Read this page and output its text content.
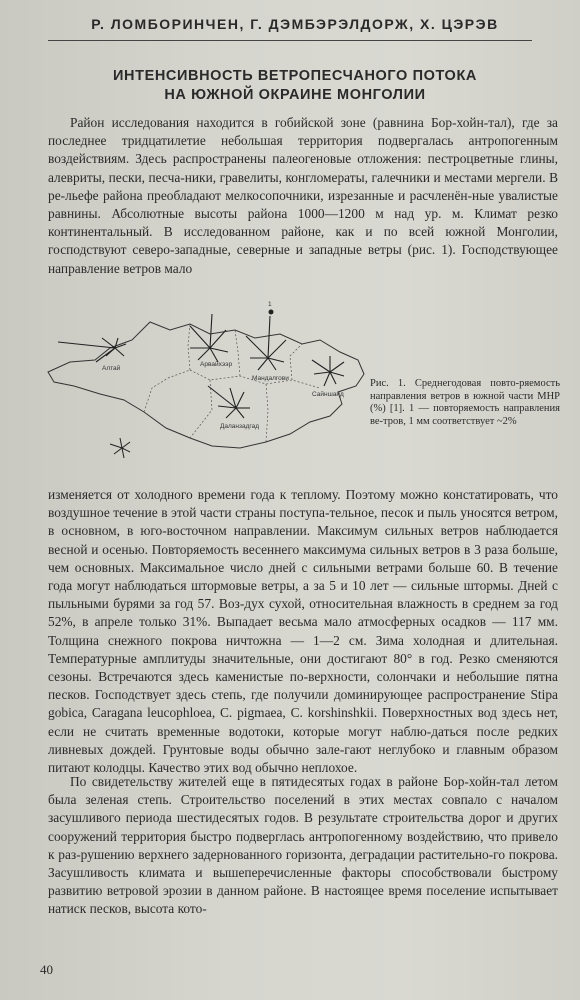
Р. ЛОМБОРИНЧЕН, Г. ДЭМБЭРЭЛДОРЖ, Х. ЦЭРЭВ
ИНТЕНСИВНОСТЬ ВЕТРОПЕСЧАНОГО ПОТОКА
НА ЮЖНОЙ ОКРАИНЕ МОНГОЛИИ

Район исследования находится в гобийской зоне (равнина Бор-хойн-тал), где за последнее тридцатилетие небольшая территория подвергалась антропогенным воздействиям. Здесь распространены палеогеновые отложения: пестроцветные глины, алевриты, пески, песча-ники, гравелиты, конгломераты, галечники и местами мергели. В ре-льефе района преобладают мелкосопочники, изрезанные и расчленён-ные увалистые равнины. Абсолютные высоты района 1000—1200 м над ур. м. Климат резко континентальный. В исследованном районе, как и по всей южной Монголии, господствуют северо-западные, северные и западные ветры (рис. 1). Господствующее направление ветров мало

1
Алтай
Арвайхээр
Мандалгови
Сайншанд
Даланзадгад
Рис. 1. Среднегодовая повто-ряемость направления ветров в южной части МНР (%) [1]. 1 — повторяемость направления ве-тров, 1 мм соответствует ~2%

изменяется от холодного времени года к теплому. Поэтому можно констатировать, что воздушное течение в этой части страны поступа-тельное, песок и пыль уносятся ветром, в основном, в юго-восточном направлении. Максимум сильных ветров наблюдается весной и осенью. Повторяемость весеннего максимума сильных ветров в 3 раза больше, чем основных. Максимальное число дней с сильными ветрами больше 60. В течение года могут наблюдаться штормовые ветры, а за 5 и 10 лет — сильные штормы. Дней с пыльными бурями за год 57. Воз-дух сухой, относительная влажность в среднем за год 52%, в апреле только 31%. Выпадает весьма мало атмосферных осадков — 117 мм. Толщина снежного покрова ничтожна — 1—2 см. Зима холодная и длительная. Температурные амплитуды значительные, они достигают 80° в год. Резко сменяются сезоны. Встречаются здесь каменистые по-верхности, солончаки и небольшие пятна песков. Господствует здесь степь, где получили доминирующее распространение Stipa gobica, Caragana leucophloea, C. pigmaea, C. korshinshkii. Поверхностных вод здесь нет, если не считать временные водотоки, которые могут наблю-даться после редких ливневых дождей. Грунтовые воды обычно зале-гают неглубоко и главным образом питают колодцы. Качество этих вод обычно неплохое.

По свидетельству жителей еще в пятидесятых годах в районе Бор-хойн-тал летом была зеленая степь. Строительство поселений в этих местах совпало с началом засушливого периода шестидесятых годов. В результате строительства дорог и других сооружений территория быстро подверглась антропогенному воздействию, что привело к раз-рушению верхнего задернованного горизонта, деградации растительно-го покрова. Засушливость климата и вышеперечисленные факторы способствовали быстрому развитию ветровой эрозии в данном районе. В настоящее время поселение испытывает натиск песков, высота кото-

40
